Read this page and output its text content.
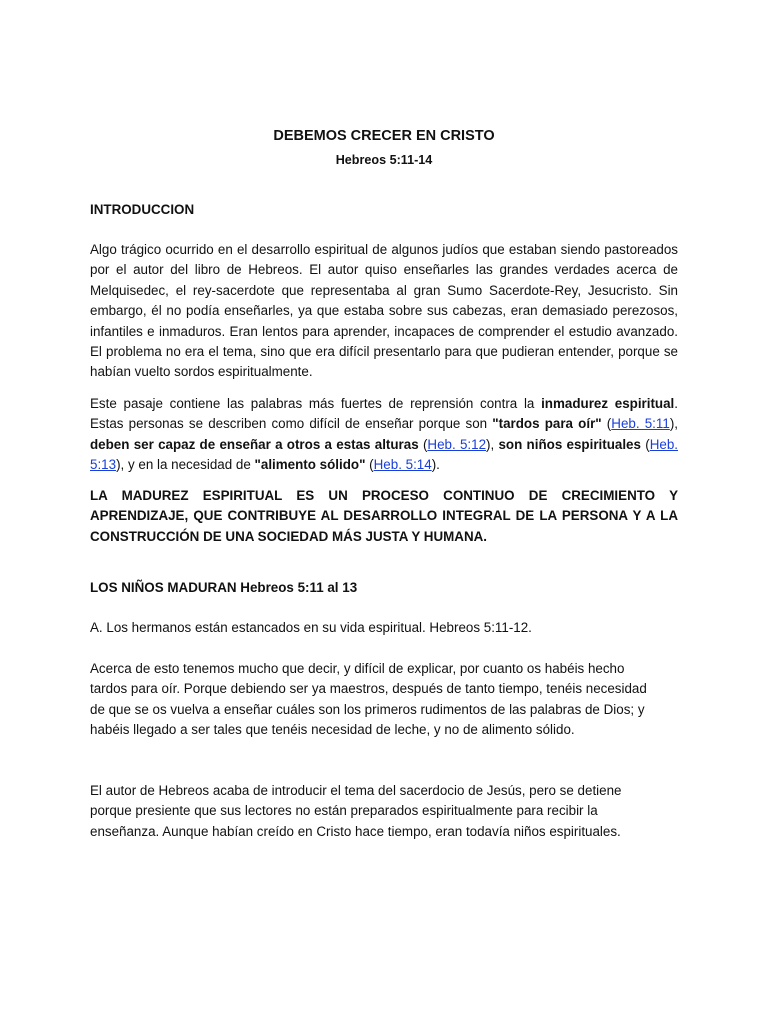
DEBEMOS CRECER EN CRISTO
Hebreos 5:11-14
INTRODUCCION
Algo trágico ocurrido en el desarrollo espiritual de algunos judíos que estaban siendo pastoreados por el autor del libro de Hebreos. El autor quiso enseñarles las grandes verdades acerca de Melquisedec, el rey-sacerdote que representaba al gran Sumo Sacerdote-Rey, Jesucristo. Sin embargo, él no podía enseñarles, ya que estaba sobre sus cabezas, eran demasiado perezosos, infantiles e inmaduros. Eran lentos para aprender, incapaces de comprender el estudio avanzado. El problema no era el tema, sino que era difícil presentarlo para que pudieran entender, porque se habían vuelto sordos espiritualmente.
Este pasaje contiene las palabras más fuertes de reprensión contra la inmadurez espiritual. Estas personas se describen como difícil de enseñar porque son "tardos para oír" (Heb. 5:11), deben ser capaz de enseñar a otros a estas alturas (Heb. 5:12), son niños espirituales (Heb. 5:13), y en la necesidad de "alimento sólido" (Heb. 5:14).
LA MADUREZ ESPIRITUAL ES UN PROCESO CONTINUO DE CRECIMIENTO Y APRENDIZAJE, QUE CONTRIBUYE AL DESARROLLO INTEGRAL DE LA PERSONA Y A LA CONSTRUCCIÓN DE UNA SOCIEDAD MÁS JUSTA Y HUMANA.
LOS NIÑOS MADURAN Hebreos 5:11 al 13
A. Los hermanos están estancados en su vida espiritual. Hebreos 5:11-12.
Acerca de esto tenemos mucho que decir, y difícil de explicar, por cuanto os habéis hecho
tardos para oír. Porque debiendo ser ya maestros, después de tanto tiempo, tenéis necesidad
de que se os vuelva a enseñar cuáles son los primeros rudimentos de las palabras de Dios; y
habéis llegado a ser tales que tenéis necesidad de leche, y no de alimento sólido.
El autor de Hebreos acaba de introducir el tema del sacerdocio de Jesús, pero se detiene
porque presiente que sus lectores no están preparados espiritualmente para recibir la
enseñanza. Aunque habían creído en Cristo hace tiempo, eran todavía niños espirituales.
